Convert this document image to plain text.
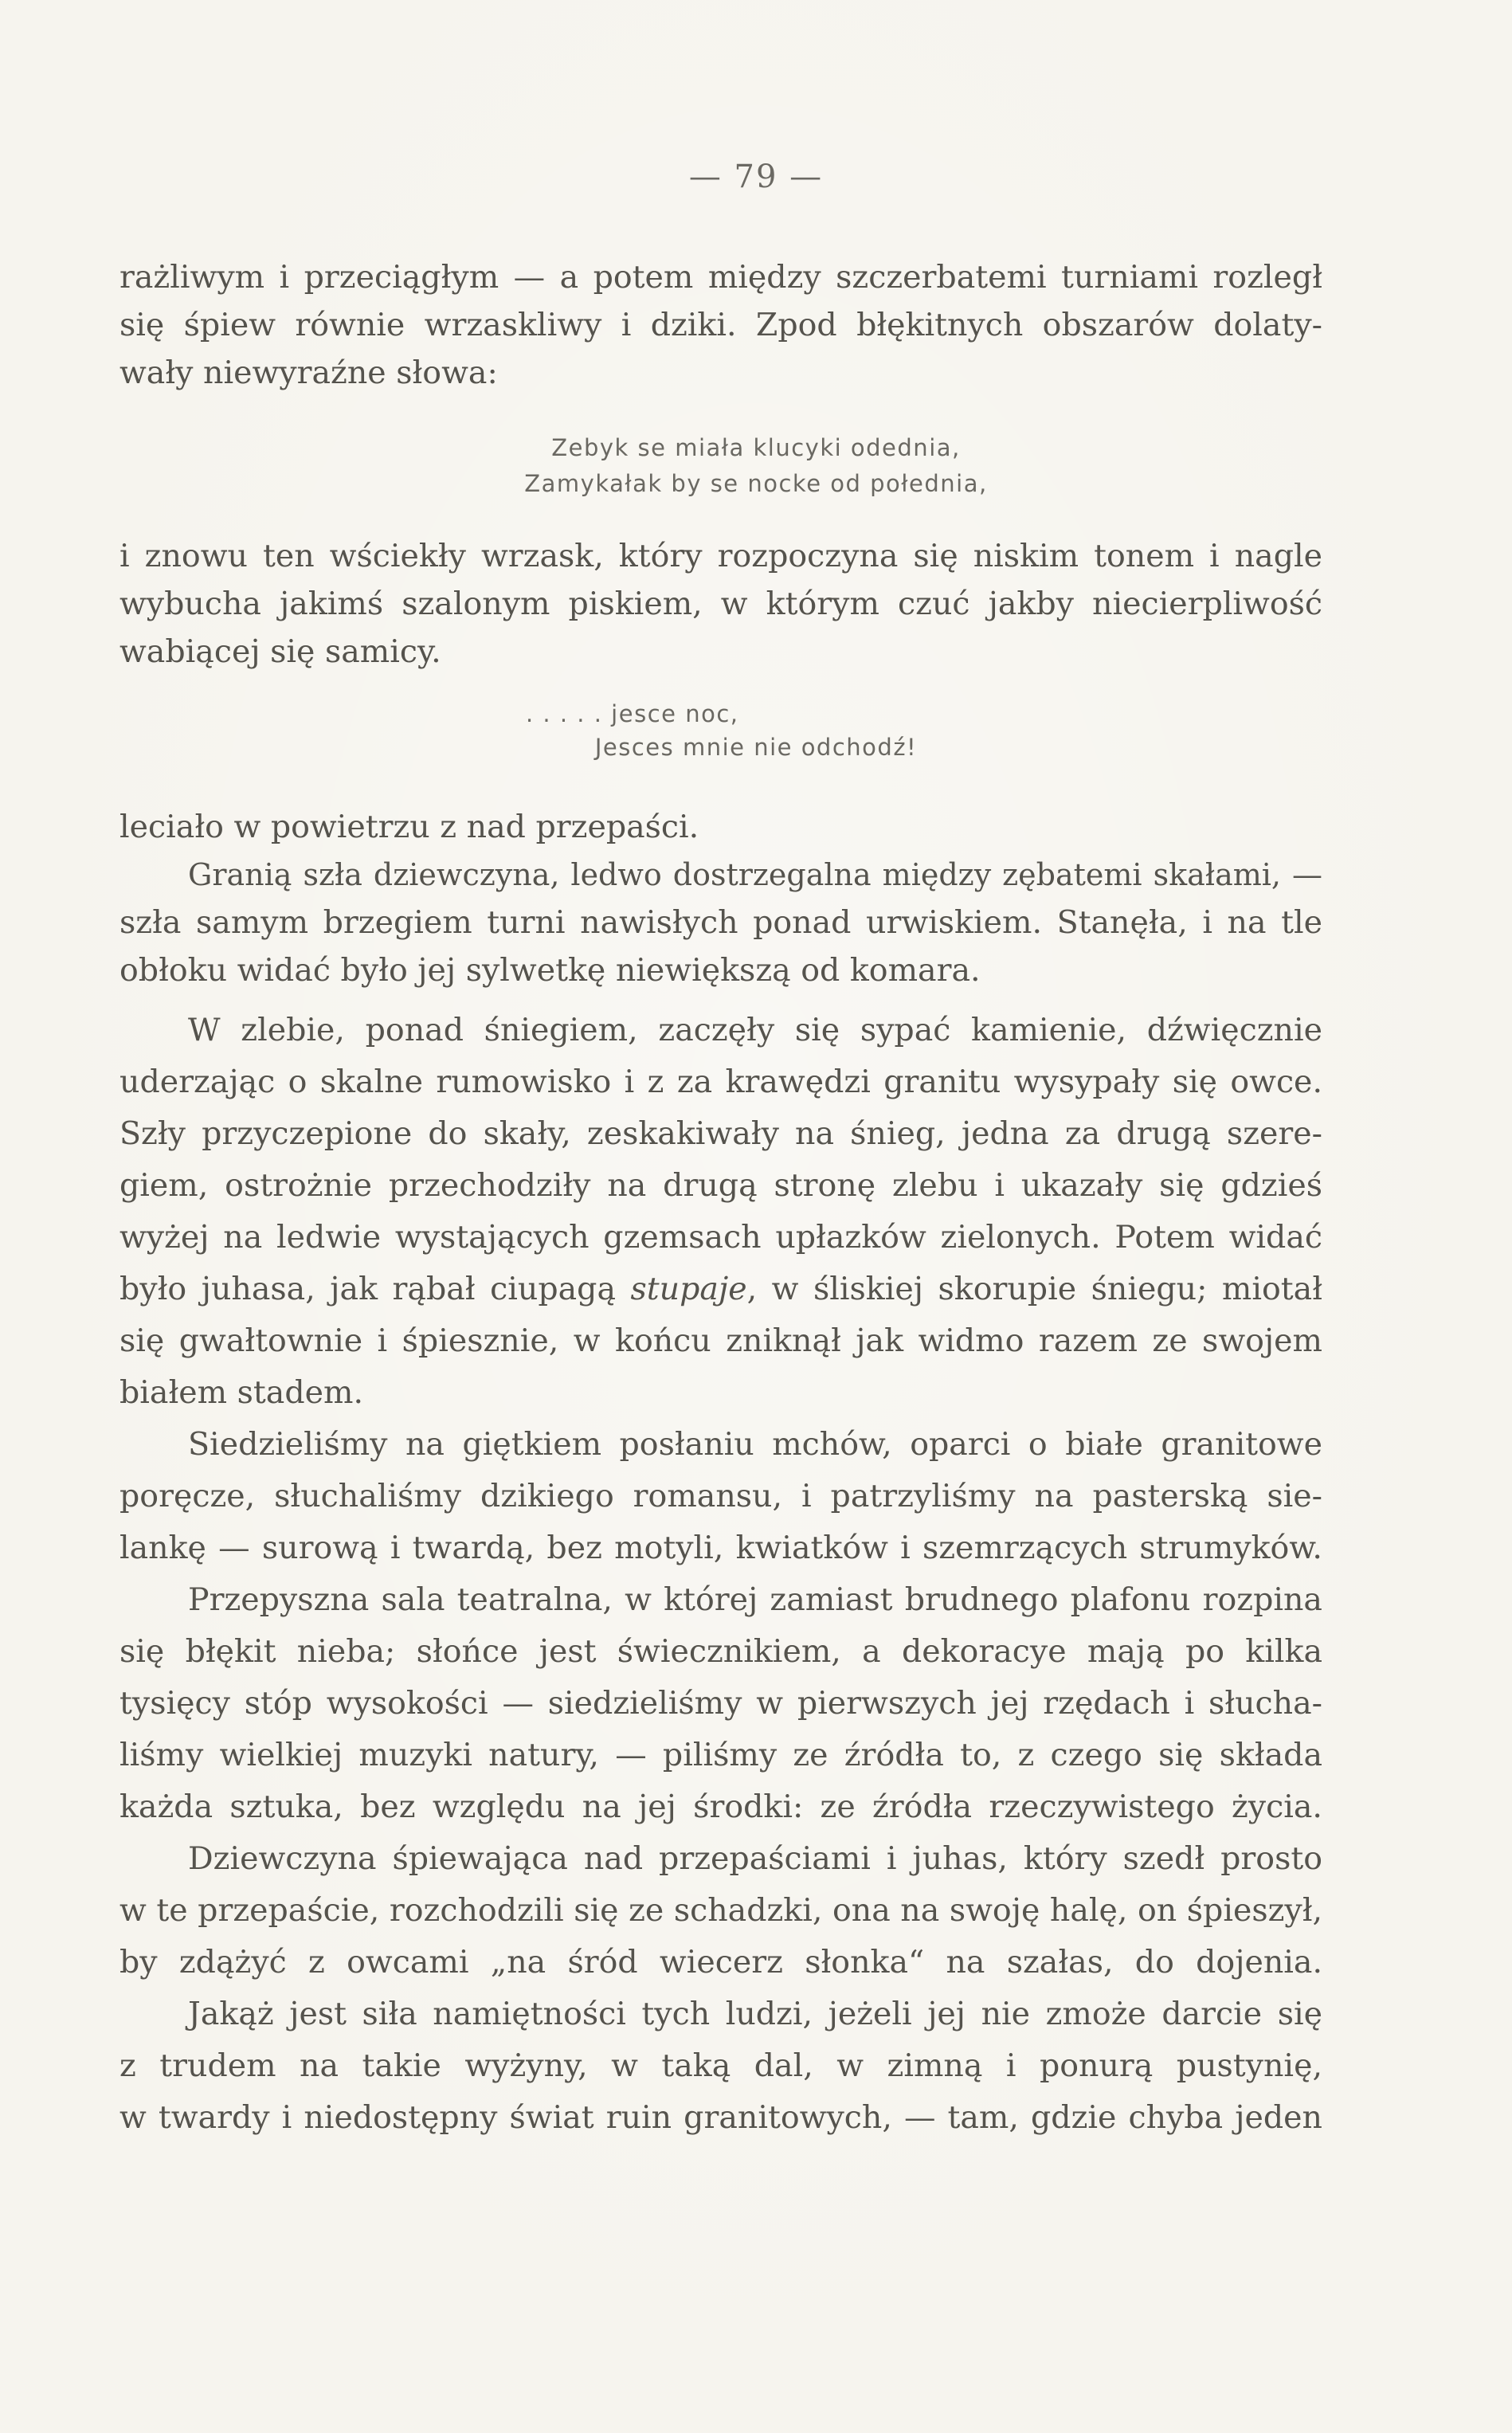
— 79 —
rażliwym i przeciągłym — a potem między szczerbatemi turniami rozległ
się śpiew równie wrzaskliwy i dziki. Zpod błękitnych obszarów dolaty-
wały niewyraźne słowa:
Zebyk se miała klucyki odednia,
Zamykałak by se nocke od połednia,
i znowu ten wściekły wrzask, który rozpoczyna się niskim tonem i nagle
wybucha jakimś szalonym piskiem, w którym czuć jakby niecierpliwość
wabiącej się samicy.
. . . . . jesce noc,
Jesces mnie nie odchodź!
leciało w powietrzu z nad przepaści.
Granią szła dziewczyna, ledwo dostrzegalna między zębatemi skałami, —
szła samym brzegiem turni nawisłych ponad urwiskiem. Stanęła, i na tle
obłoku widać było jej sylwetkę niewiększą od komara.
W zlebie, ponad śniegiem, zaczęły się sypać kamienie, dźwięcznie
uderzając o skalne rumowisko i z za krawędzi granitu wysypały się owce.
Szły przyczepione do skały, zeskakiwały na śnieg, jedna za drugą szere-
giem, ostrożnie przechodziły na drugą stronę zlebu i ukazały się gdzieś
wyżej na ledwie wystających gzemsach upłazków zielonych. Potem widać
było juhasa, jak rąbał ciupagą stupaje, w śliskiej skorupie śniegu; miotał
się gwałtownie i śpiesznie, w końcu zniknął jak widmo razem ze swojem
białem stadem.
Siedzieliśmy na giętkiem posłaniu mchów, oparci o białe granitowe
poręcze, słuchaliśmy dzikiego romansu, i patrzyliśmy na pasterską sie-
lankę — surową i twardą, bez motyli, kwiatków i szemrzących strumyków.
Przepyszna sala teatralna, w której zamiast brudnego plafonu rozpina
się błękit nieba; słońce jest świecznikiem, a dekoracye mają po kilka
tysięcy stóp wysokości — siedzieliśmy w pierwszych jej rzędach i słucha-
liśmy wielkiej muzyki natury, — piliśmy ze źródła to, z czego się składa
każda sztuka, bez względu na jej środki: ze źródła rzeczywistego życia.
Dziewczyna śpiewająca nad przepaściami i juhas, który szedł prosto
w te przepaście, rozchodzili się ze schadzki, ona na swoję halę, on śpieszył,
by zdążyć z owcami „na śród wiecerz słonka“ na szałas, do dojenia.
Jakąż jest siła namiętności tych ludzi, jeżeli jej nie zmoże darcie się
z trudem na takie wyżyny, w taką dal, w zimną i ponurą pustynię,
w twardy i niedostępny świat ruin granitowych, — tam, gdzie chyba jeden
